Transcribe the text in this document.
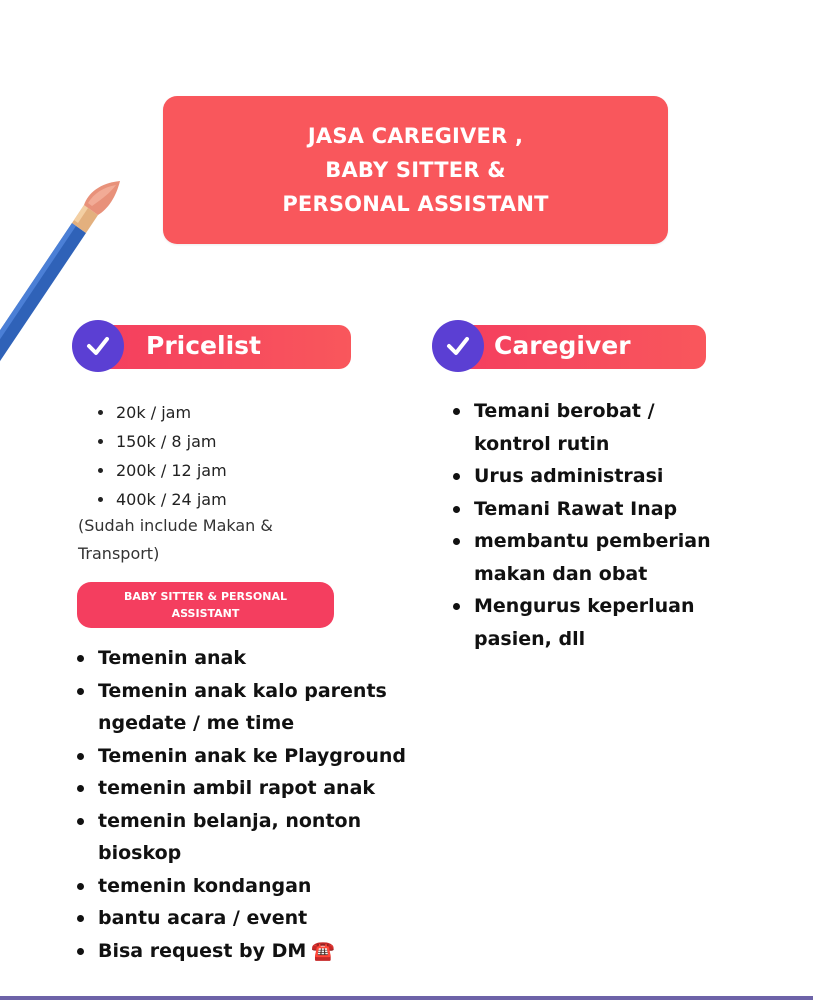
JASA CAREGIVER ,
BABY SITTER &
PERSONAL ASSISTANT
Pricelist	Caregiver
20k / jam
150k / 8 jam
200k / 12 jam
400k / 24 jam
(Sudah include Makan &
Transport)
BABY SITTER & PERSONAL
ASSISTANT
Temenin anak
Temenin anak kalo parents ngedate / me time
Temenin anak ke Playground
temenin ambil rapot anak
temenin belanja, nonton bioskop
temenin kondangan
bantu acara / event
Bisa request by DM ☎️
Temani berobat / kontrol rutin
Urus administrasi
Temani Rawat Inap
membantu pemberian makan dan obat
Mengurus keperluan pasien, dll
